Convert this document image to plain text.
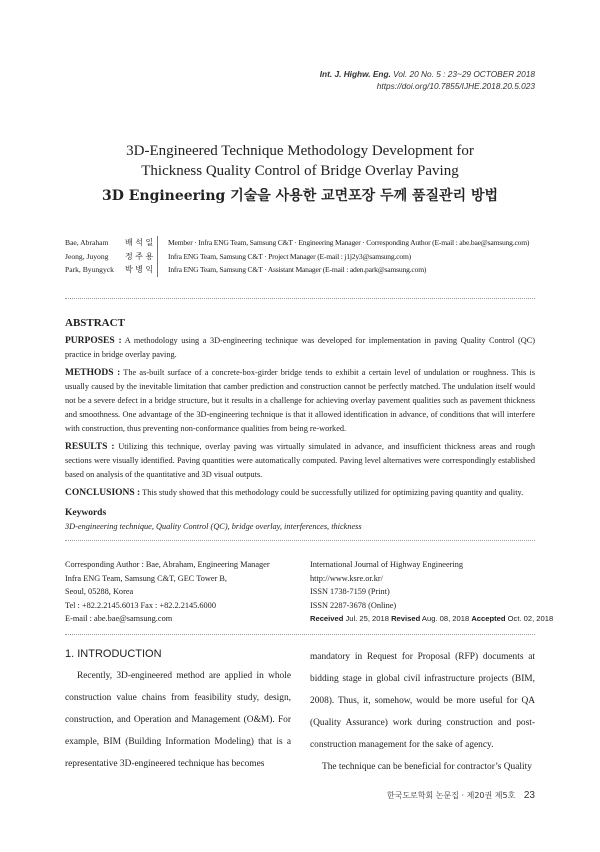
Int. J. Highw. Eng. Vol. 20 No. 5 : 23~29 OCTOBER 2018
https://doi.org/10.7855/IJHE.2018.20.5.023
3D-Engineered Technique Methodology Development for
Thickness Quality Control of Bridge Overlay Paving
3D Engineering 기술을 사용한 교면포장 두께 품질관리 방법
Bae, Abraham	배 석 일	Member · Infra ENG Team, Samsung C&T · Engineering Manager · Corresponding Author (E-mail : abe.bae@samsung.com)
Jeong, Juyong	정 주 용	Infra ENG Team, Samsung C&T · Project Manager (E-mail : j1j2y3@samsung.com)
Park, Byungyck	박 병 익	Infra ENG Team, Samsung C&T · Assistant Manager (E-mail : aden.park@samsung.com)
ABSTRACT

PURPOSES : A methodology using a 3D-engineering technique was developed for implementation in paving Quality Control (QC) practice in bridge overlay paving.

METHODS : The as-built surface of a concrete-box-girder bridge tends to exhibit a certain level of undulation or roughness. This is usually caused by the inevitable limitation that camber prediction and construction cannot be perfectly matched. The undulation itself would not be a severe defect in a bridge structure, but it results in a challenge for achieving overlay pavement qualities such as pavement thickness and smoothness. One advantage of the 3D-engineering technique is that it allowed identification in advance, of conditions that will interfere with construction, thus preventing non-conformance qualities from being re-worked.

RESULTS : Utilizing this technique, overlay paving was virtually simulated in advance, and insufficient thickness areas and rough sections were visually identified. Paving quantities were automatically computed. Paving level alternatives were correspondingly established based on analysis of the quantitative and 3D visual outputs.

CONCLUSIONS : This study showed that this methodology could be successfully utilized for optimizing paving quantity and quality.

Keywords

3D-engineering technique, Quality Control (QC), bridge overlay, interferences, thickness

Corresponding Author : Bae, Abraham, Engineering Manager
Infra ENG Team, Samsung C&T, GEC Tower B,
Seoul, 05288, Korea
Tel : +82.2.2145.6013 Fax : +82.2.2145.6000
E-mail : abe.bae@samsung.com
International Journal of Highway Engineering
http://www.ksre.or.kr/
ISSN 1738-7159 (Print)
ISSN 2287-3678 (Online)
Received Jul. 25, 2018 Revised Aug. 08, 2018 Accepted Oct. 02, 2018
1. INTRODUCTION

Recently, 3D-engineered method are applied in whole construction value chains from feasibility study, design, construction, and Operation and Management (O&M). For example, BIM (Building Information Modeling) that is a representative 3D-engineered technique has becomes

mandatory in Request for Proposal (RFP) documents at bidding stage in global civil infrastructure projects (BIM, 2008). Thus, it, somehow, would be more useful for QA (Quality Assurance) work during construction and post-construction management for the sake of agency.

The technique can be beneficial for contractor’s Quality

한국도로학회 논문집 · 제20권 제5호 23
